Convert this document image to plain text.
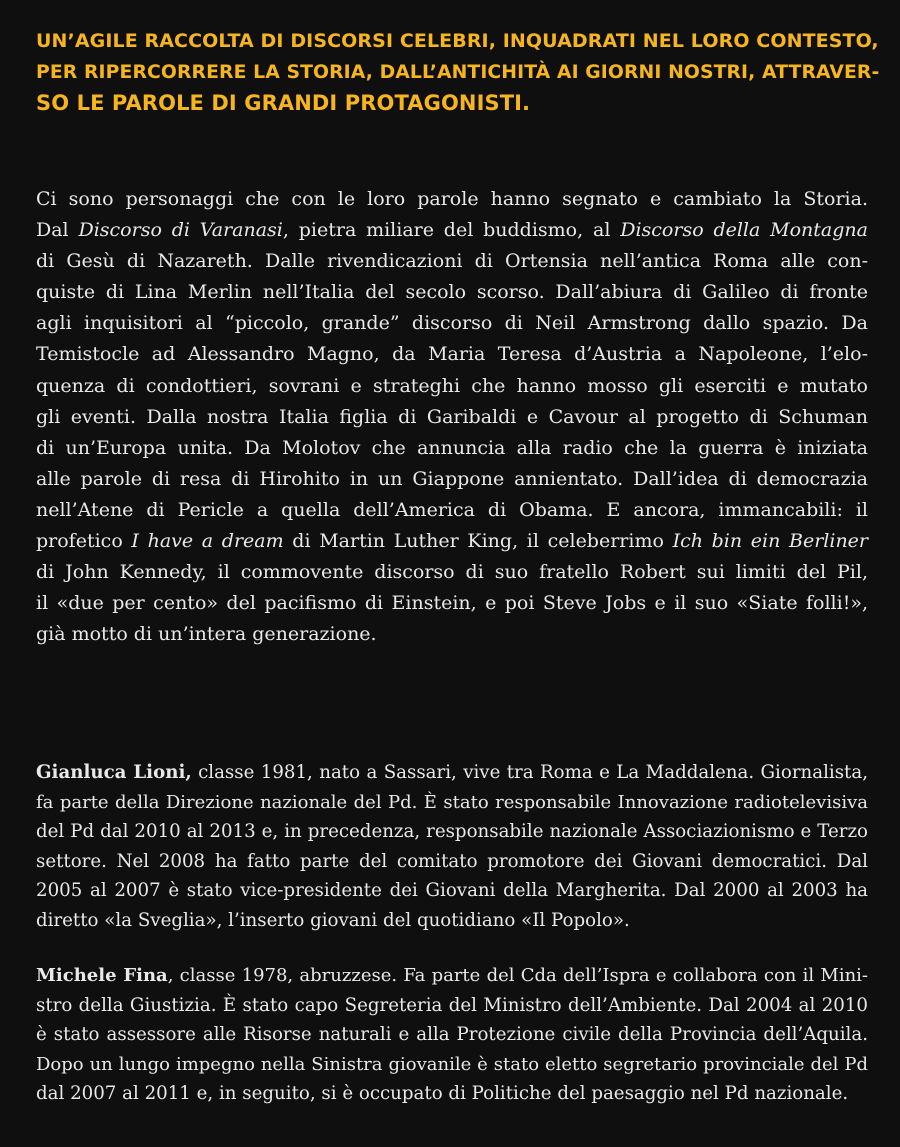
UN’AGILE RACCOLTA DI DISCORSI CELEBRI, INQUADRATI NEL LORO CONTESTO,
PER RIPERCORRERE LA STORIA, DALL’ANTICHITÀ AI GIORNI NOSTRI, ATTRAVER-
SO LE PAROLE DI GRANDI PROTAGONISTI.

Ci sono personaggi che con le loro parole hanno segnato e cambiato la Storia.
Dal Discorso di Varanasi, pietra miliare del buddismo, al Discorso della Montagna
di Gesù di Nazareth. Dalle rivendicazioni di Ortensia nell’antica Roma alle con-
quiste di Lina Merlin nell’Italia del secolo scorso. Dall’abiura di Galileo di fronte
agli inquisitori al “piccolo, grande” discorso di Neil Armstrong dallo spazio. Da
Temistocle ad Alessandro Magno, da Maria Teresa d’Austria a Napoleone, l’elo-
quenza di condottieri, sovrani e strateghi che hanno mosso gli eserciti e mutato
gli eventi. Dalla nostra Italia figlia di Garibaldi e Cavour al progetto di Schuman
di un’Europa unita. Da Molotov che annuncia alla radio che la guerra è iniziata
alle parole di resa di Hirohito in un Giappone annientato. Dall’idea di democrazia
nell’Atene di Pericle a quella dell’America di Obama. E ancora, immancabili: il
profetico I have a dream di Martin Luther King, il celeberrimo Ich bin ein Berliner
di John Kennedy, il commovente discorso di suo fratello Robert sui limiti del Pil,
il «due per cento» del pacifismo di Einstein, e poi Steve Jobs e il suo «Siate folli!»,
già motto di un’intera generazione.

Gianluca Lioni, classe 1981, nato a Sassari, vive tra Roma e La Maddalena. Giornalista,
fa parte della Direzione nazionale del Pd. È stato responsabile Innovazione radiotelevisiva
del Pd dal 2010 al 2013 e, in precedenza, responsabile nazionale Associazionismo e Terzo
settore. Nel 2008 ha fatto parte del comitato promotore dei Giovani democratici. Dal
2005 al 2007 è stato vice-presidente dei Giovani della Margherita. Dal 2000 al 2003 ha
diretto «la Sveglia», l’inserto giovani del quotidiano «Il Popolo».

Michele Fina, classe 1978, abruzzese. Fa parte del Cda dell’Ispra e collabora con il Mini-
stro della Giustizia. È stato capo Segreteria del Ministro dell’Ambiente. Dal 2004 al 2010
è stato assessore alle Risorse naturali e alla Protezione civile della Provincia dell’Aquila.
Dopo un lungo impegno nella Sinistra giovanile è stato eletto segretario provinciale del Pd
dal 2007 al 2011 e, in seguito, si è occupato di Politiche del paesaggio nel Pd nazionale.
